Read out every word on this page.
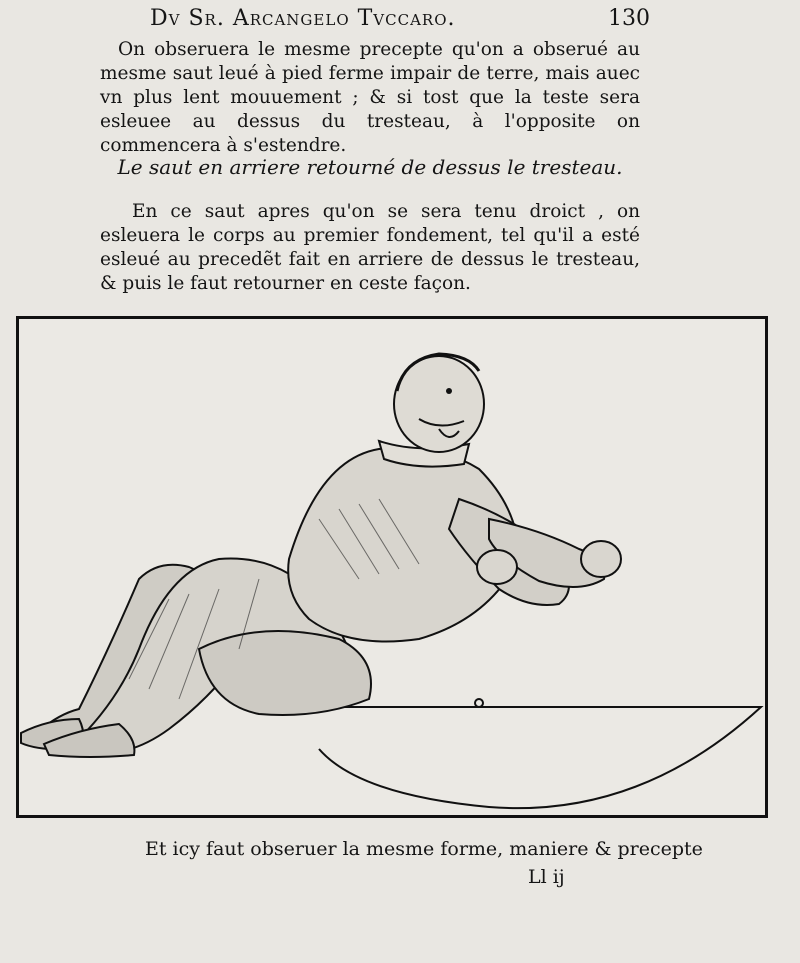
Dv Sr. Arcangelo Tvccaro.	130
On obseruera le mesme precepte qu'on a obserué au mesme saut leué à pied ferme impair de terre, mais auec vn plus lent mouuement ; & si tost que la teste sera esleuee au dessus du tresteau, à l'opposite on commencera à s'estendre.
Le saut en arriere retourné de dessus le tresteau.
En ce saut apres qu'on se sera tenu droict , on esleuera le corps au premier fondement, tel qu'il a esté esleué au precedẽt fait en arriere de dessus le tresteau, & puis le faut retourner en ceste façon.
Et icy faut obseruer la mesme forme, maniere & precepte
Ll ij
